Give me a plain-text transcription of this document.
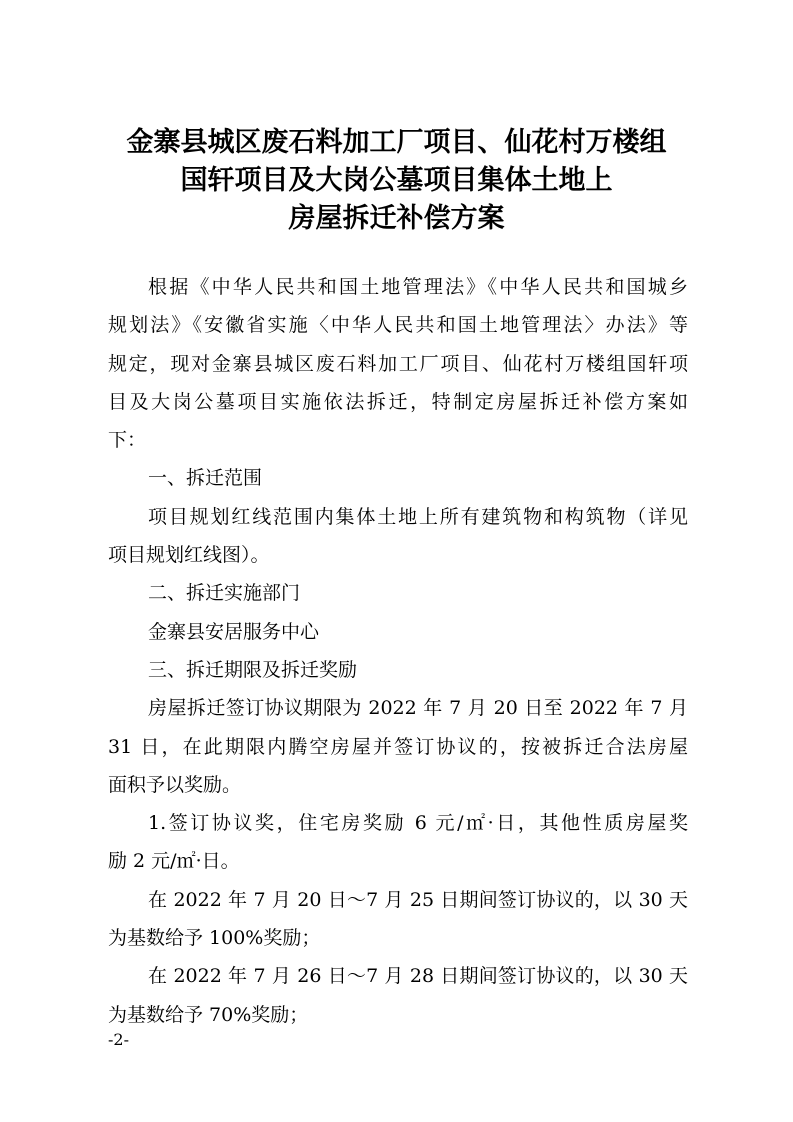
金寨县城区废石料加工厂项目、仙花村万楼组
国轩项目及大岗公墓项目集体土地上
房屋拆迁补偿方案
根据《中华人民共和国土地管理法》《中华人民共和国城乡
规划法》《安徽省实施〈中华人民共和国土地管理法〉办法》等
规定，现对金寨县城区废石料加工厂项目、仙花村万楼组国轩项
目及大岗公墓项目实施依法拆迁，特制定房屋拆迁补偿方案如
下：
一、拆迁范围
项目规划红线范围内集体土地上所有建筑物和构筑物（详见
项目规划红线图）。
二、拆迁实施部门
金寨县安居服务中心
三、拆迁期限及拆迁奖励
房屋拆迁签订协议期限为 2022 年 7 月 20 日至 2022 年 7 月
31 日，在此期限内腾空房屋并签订协议的，按被拆迁合法房屋
面积予以奖励。
1.签订协议奖，住宅房奖励 6 元/㎡·日，其他性质房屋奖
励 2 元/㎡·日。
在 2022 年 7 月 20 日～7 月 25 日期间签订协议的，以 30 天
为基数给予 100%奖励；
在 2022 年 7 月 26 日～7 月 28 日期间签订协议的，以 30 天
为基数给予 70%奖励；
-2-
